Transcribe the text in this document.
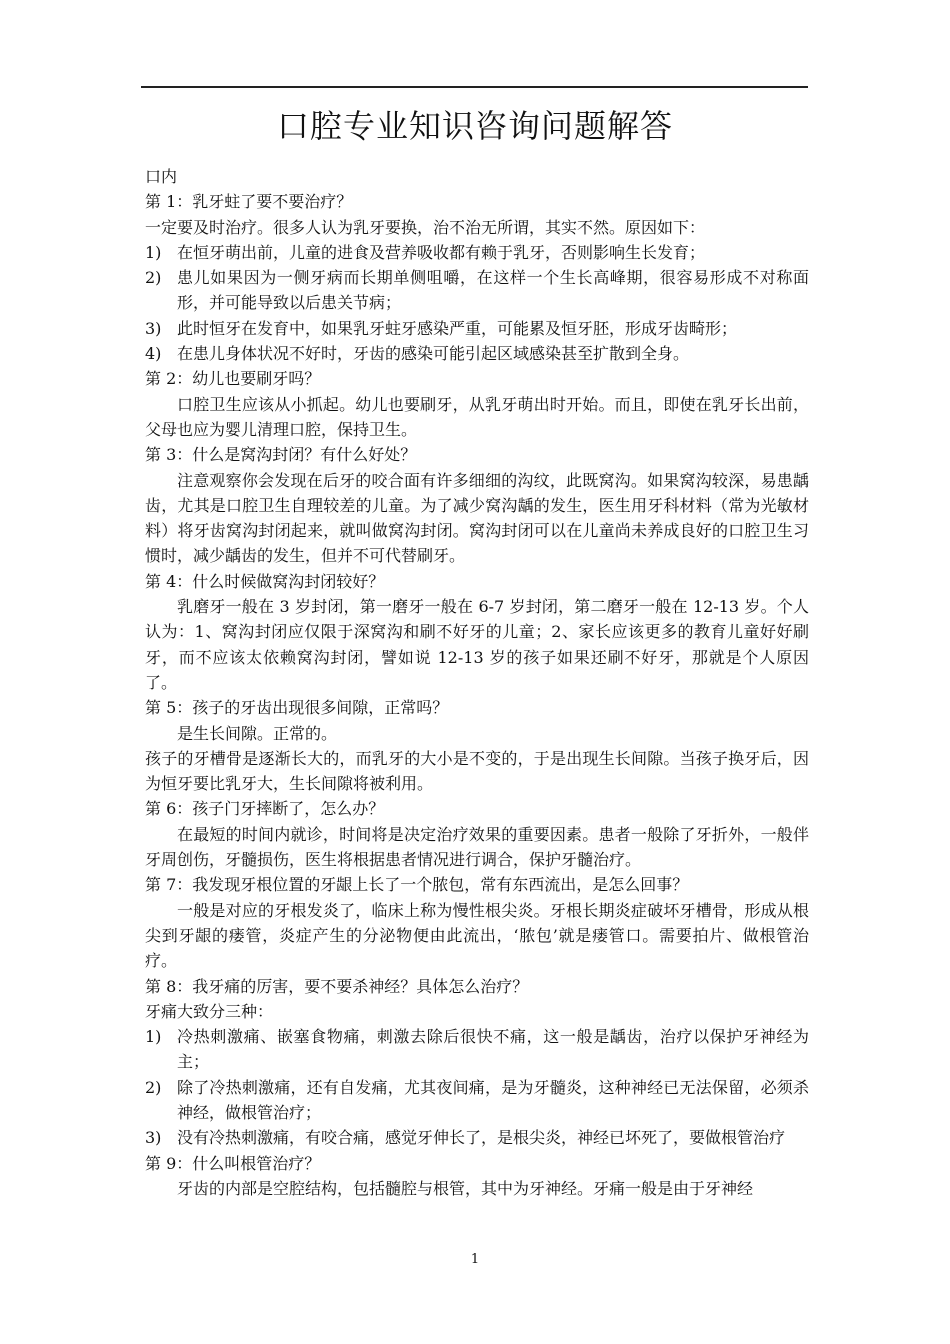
口腔专业知识咨询问题解答

口内

第 1：乳牙蛀了要不要治疗？

一定要及时治疗。很多人认为乳牙要换，治不治无所谓，其实不然。原因如下：

1) 在恒牙萌出前，儿童的进食及营养吸收都有赖于乳牙，否则影响生长发育；
2) 患儿如果因为一侧牙病而长期单侧咀嚼，在这样一个生长高峰期，很容易形成不对称面形，并可能导致以后患关节病；
3) 此时恒牙在发育中，如果乳牙蛀牙感染严重，可能累及恒牙胚，形成牙齿畸形；
4) 在患儿身体状况不好时，牙齿的感染可能引起区域感染甚至扩散到全身。

第 2：幼儿也要刷牙吗？

口腔卫生应该从小抓起。幼儿也要刷牙，从乳牙萌出时开始。而且，即使在乳牙长出前，父母也应为婴儿清理口腔，保持卫生。

第 3：什么是窝沟封闭？有什么好处？

注意观察你会发现在后牙的咬合面有许多细细的沟纹，此既窝沟。如果窝沟较深，易患龋齿，尤其是口腔卫生自理较差的儿童。为了减少窝沟龋的发生，医生用牙科材料（常为光敏材料）将牙齿窝沟封闭起来，就叫做窝沟封闭。窝沟封闭可以在儿童尚未养成良好的口腔卫生习惯时，减少龋齿的发生，但并不可代替刷牙。

第 4：什么时候做窝沟封闭较好？

乳磨牙一般在 3 岁封闭，第一磨牙一般在 6-7 岁封闭，第二磨牙一般在 12-13 岁。个人认为：1、窝沟封闭应仅限于深窝沟和刷不好牙的儿童；2、家长应该更多的教育儿童好好刷牙，而不应该太依赖窝沟封闭，譬如说 12-13 岁的孩子如果还刷不好牙，那就是个人原因了。

第 5：孩子的牙齿出现很多间隙，正常吗？

是生长间隙。正常的。

孩子的牙槽骨是逐渐长大的，而乳牙的大小是不变的，于是出现生长间隙。当孩子换牙后，因为恒牙要比乳牙大，生长间隙将被利用。

第 6：孩子门牙摔断了，怎么办？

在最短的时间内就诊，时间将是决定治疗效果的重要因素。患者一般除了牙折外，一般伴牙周创伤，牙髓损伤，医生将根据患者情况进行调合，保护牙髓治疗。

第 7：我发现牙根位置的牙龈上长了一个脓包，常有东西流出，是怎么回事？

一般是对应的牙根发炎了，临床上称为慢性根尖炎。牙根长期炎症破坏牙槽骨，形成从根尖到牙龈的瘘管，炎症产生的分泌物便由此流出，‘脓包’就是瘘管口。需要拍片、做根管治疗。

第 8：我牙痛的厉害，要不要杀神经？具体怎么治疗？

牙痛大致分三种：

1) 冷热刺激痛、嵌塞食物痛，刺激去除后很快不痛，这一般是龋齿，治疗以保护牙神经为主；
2) 除了冷热刺激痛，还有自发痛，尤其夜间痛，是为牙髓炎，这种神经已无法保留，必须杀神经，做根管治疗；
3) 没有冷热刺激痛，有咬合痛，感觉牙伸长了，是根尖炎，神经已坏死了，要做根管治疗

第 9：什么叫根管治疗？

牙齿的内部是空腔结构，包括髓腔与根管，其中为牙神经。牙痛一般是由于牙神经

1
